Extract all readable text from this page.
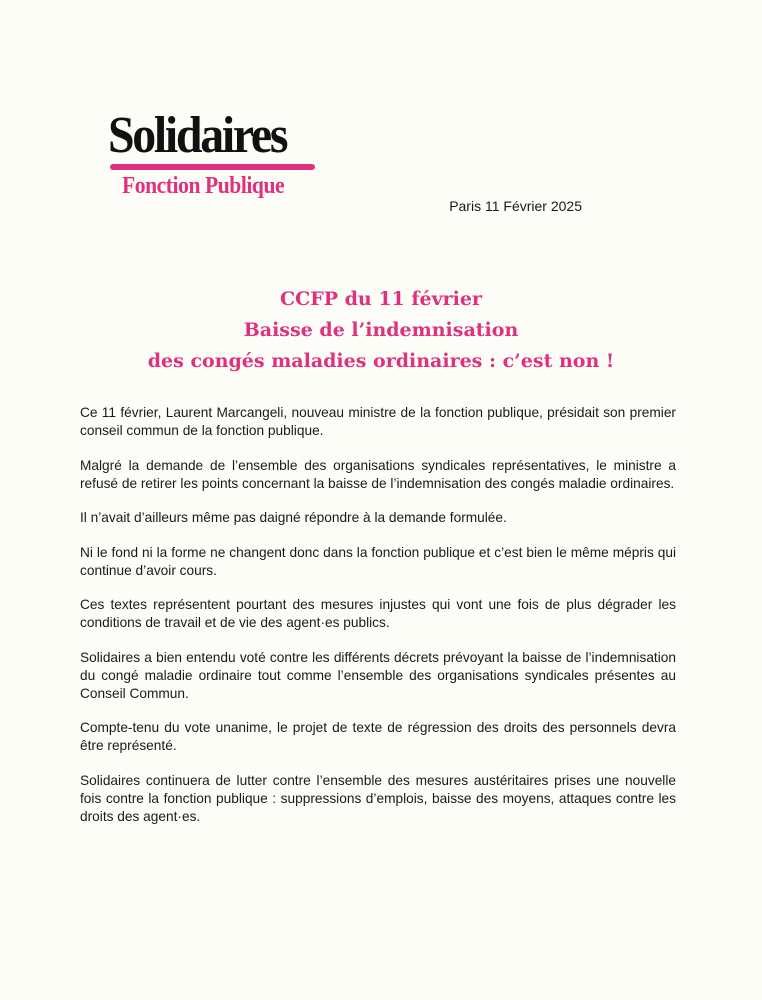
Solidaires
Fonction Publique
Paris 11 Février 2025
CCFP du 11 février
Baisse de l’indemnisation
des congés maladies ordinaires : c’est non !

Ce 11 février, Laurent Marcangeli, nouveau ministre de la fonction publique, présidait son premier conseil commun de la fonction publique.

Malgré la demande de l’ensemble des organisations syndicales représentatives, le ministre a refusé de retirer les points concernant la baisse de l’indemnisation des congés maladie ordinaires.

Il n’avait d’ailleurs même pas daigné répondre à la demande formulée.

Ni le fond ni la forme ne changent donc dans la fonction publique et c’est bien le même mépris qui continue d’avoir cours.

Ces textes représentent pourtant des mesures injustes qui vont une fois de plus dégrader les conditions de travail et de vie des agent·es publics.

Solidaires a bien entendu voté contre les différents décrets prévoyant la baisse de l’indemnisation du congé maladie ordinaire tout comme l’ensemble des organisations syndicales présentes au Conseil Commun.

Compte-tenu du vote unanime, le projet de texte de régression des droits des personnels devra être représenté.

Solidaires continuera de lutter contre l’ensemble des mesures austéritaires prises une nouvelle fois contre la fonction publique : suppressions d’emplois, baisse des moyens, attaques contre les droits des agent·es.
